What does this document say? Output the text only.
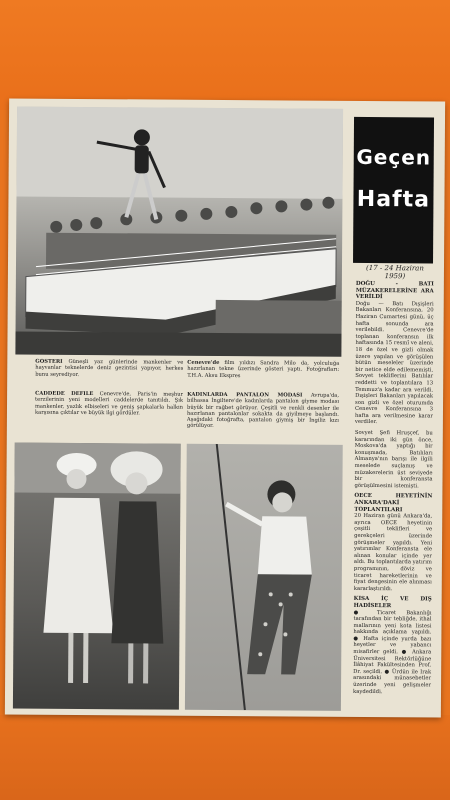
GÖSTERİ Güneşli yaz günlerinde mankenler ve hayvanlar teknelerde deniz gezintisi yapıyor, herkes bunu seyrediyor.
Cenevre'de film yıldızı Sandra Milo da, yolculuğa hazırlanan tekne üzerinde gösteri yaptı. Fotoğrafları: T.H.A. Aksu Ekspres
CADDEDE DEFİLE Cenevre'de, Paris'in meşhur terzilerinin yeni modelleri caddelerde tanıtıldı. Şık mankenler, yazlık elbiseleri ve geniş şapkalarla halkın karşısına çıktılar ve büyük ilgi gördüler.
KADINLARDA PANTALON MODASI Avrupa'da, bilhassa İngiltere'de kadınlarda pantalon giyme modası büyük bir rağbet görüyor. Çeşitli ve renkli desenler ile hazırlanan pantalonlar sokakta da giyilmeye başlandı. Aşağıdaki fotoğrafta, pantalon giymiş bir İngiliz kızı görülüyor.
Geçen
Hafta
(17 - 24 Haziran 1959)
DOĞU - BATI MÜZAKERELERİNE ARA VERİLDİ
Doğu — Batı Dışişleri Bakanları Konferansına, 20 Haziran Cumartesi günü, üç hafta sonunda ara verilebildi. Cenevre'de toplanan konferansın ilk haftasında 15 resmî ve aleni, 18 de özel ve gizli olmak üzere yapılan ve görüşülen bütün meseleler üzerinde bir netice elde edilememişti. Sovyet tekliflerini Batılılar reddetti ve toplantılara 13 Temmuz'a kadar ara verildi. Dışişleri Bakanları yapılacak son gizli ve özel oturumda Cenevre Konferansına 3 hafta ara verilmesine karar verdiler.
Sovyet Şefi Hruşçef, bu kararından iki gün önce, Moskova'da yaptığı bir konuşmada, Batılıları Almanya'nın barışı ile ilgili meselede suçlamış ve müzakerelerin üst seviyede bir konferansta görüşülmesini istemişti.
OECE HEYETİNİN ANKARA'DAKİ TOPLANTILARI
20 Haziran günü Ankara'da, ayrıca OECE heyetinin çeşitli teklifleri ve gerekçeleri üzerinde görüşmeler yapıldı. Yeni yatırımlar Konferansta ele alınan konular içinde yer aldı. Bu toplantılarda yatırım programının, döviz ve ticaret hareketlerinin ve fiyat dengesinin ele alınması kararlaştırıldı.
KISA İÇ VE DIŞ HADİSELER
● Ticaret Bakanlığı tarafından bir tebliğde, ithal mallarının yeni kota listesi hakkında açıklama yapıldı. ● Hafta içinde yurda bazı heyetler ve yabancı misafirler geldi. ● Ankara Üniversitesi Rektörlüğüne İlâhiyat Fakültesinden Prof. Dr. seçildi. ● Ürdün ile Irak arasındaki münasebetler üzerinde yeni gelişmeler kaydedildi.
